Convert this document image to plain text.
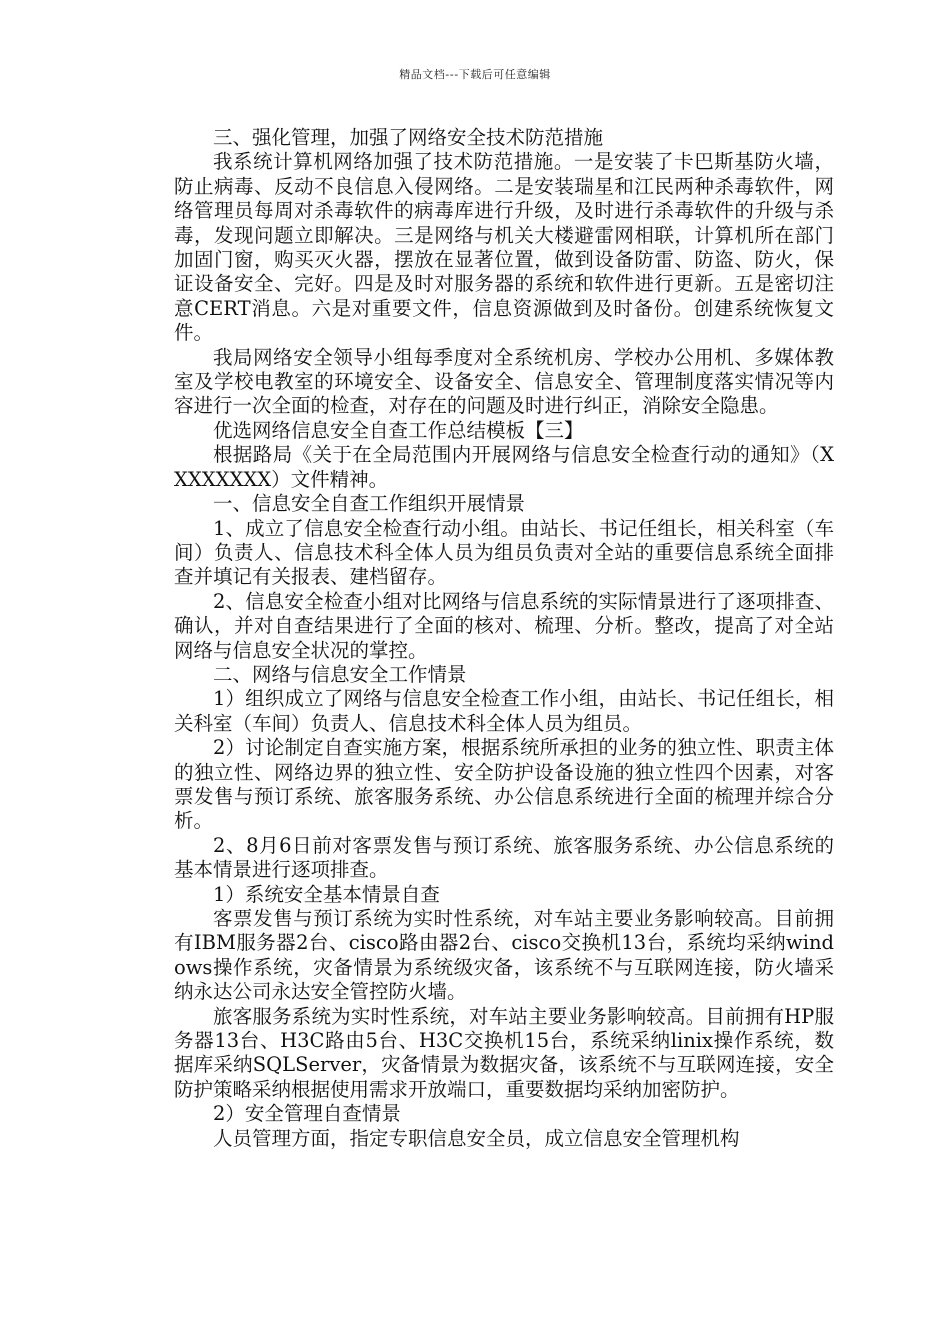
精品文档---下载后可任意编辑

三、强化管理，加强了网络安全技术防范措施

我系统计算机网络加强了技术防范措施。一是安装了卡巴斯基防火墙，防止病毒、反动不良信息入侵网络。二是安装瑞星和江民两种杀毒软件，网络管理员每周对杀毒软件的病毒库进行升级，及时进行杀毒软件的升级与杀毒，发现问题立即解决。三是网络与机关大楼避雷网相联，计算机所在部门加固门窗，购买灭火器，摆放在显著位置，做到设备防雷、防盗、防火，保证设备安全、完好。四是及时对服务器的系统和软件进行更新。五是密切注意CERT消息。六是对重要文件，信息资源做到及时备份。创建系统恢复文件。

我局网络安全领导小组每季度对全系统机房、学校办公用机、多媒体教室及学校电教室的环境安全、设备安全、信息安全、管理制度落实情况等内容进行一次全面的检查，对存在的问题及时进行纠正，消除安全隐患。

优选网络信息安全自查工作总结模板【三】

根据路局《关于在全局范围内开展网络与信息安全检查行动的通知》（XXXXXXXX）文件精神。

一、信息安全自查工作组织开展情景

1、成立了信息安全检查行动小组。由站长、书记任组长，相关科室（车间）负责人、信息技术科全体人员为组员负责对全站的重要信息系统全面排查并填记有关报表、建档留存。

2、信息安全检查小组对比网络与信息系统的实际情景进行了逐项排查、确认，并对自查结果进行了全面的核对、梳理、分析。整改，提高了对全站网络与信息安全状况的掌控。

二、网络与信息安全工作情景

1）组织成立了网络与信息安全检查工作小组，由站长、书记任组长，相关科室（车间）负责人、信息技术科全体人员为组员。

2）讨论制定自查实施方案，根据系统所承担的业务的独立性、职责主体的独立性、网络边界的独立性、安全防护设备设施的独立性四个因素，对客票发售与预订系统、旅客服务系统、办公信息系统进行全面的梳理并综合分析。

2、8月6日前对客票发售与预订系统、旅客服务系统、办公信息系统的基本情景进行逐项排查。

1）系统安全基本情景自查

客票发售与预订系统为实时性系统，对车站主要业务影响较高。目前拥有IBM服务器2台、cisco路由器2台、cisco交换机13台，系统均采纳windows操作系统，灾备情景为系统级灾备，该系统不与互联网连接，防火墙采纳永达公司永达安全管控防火墙。

旅客服务系统为实时性系统，对车站主要业务影响较高。目前拥有HP服务器13台、H3C路由5台、H3C交换机15台，系统采纳linix操作系统，数据库采纳SQLServer，灾备情景为数据灾备，该系统不与互联网连接，安全防护策略采纳根据使用需求开放端口，重要数据均采纳加密防护。

2）安全管理自查情景

人员管理方面，指定专职信息安全员，成立信息安全管理机构
